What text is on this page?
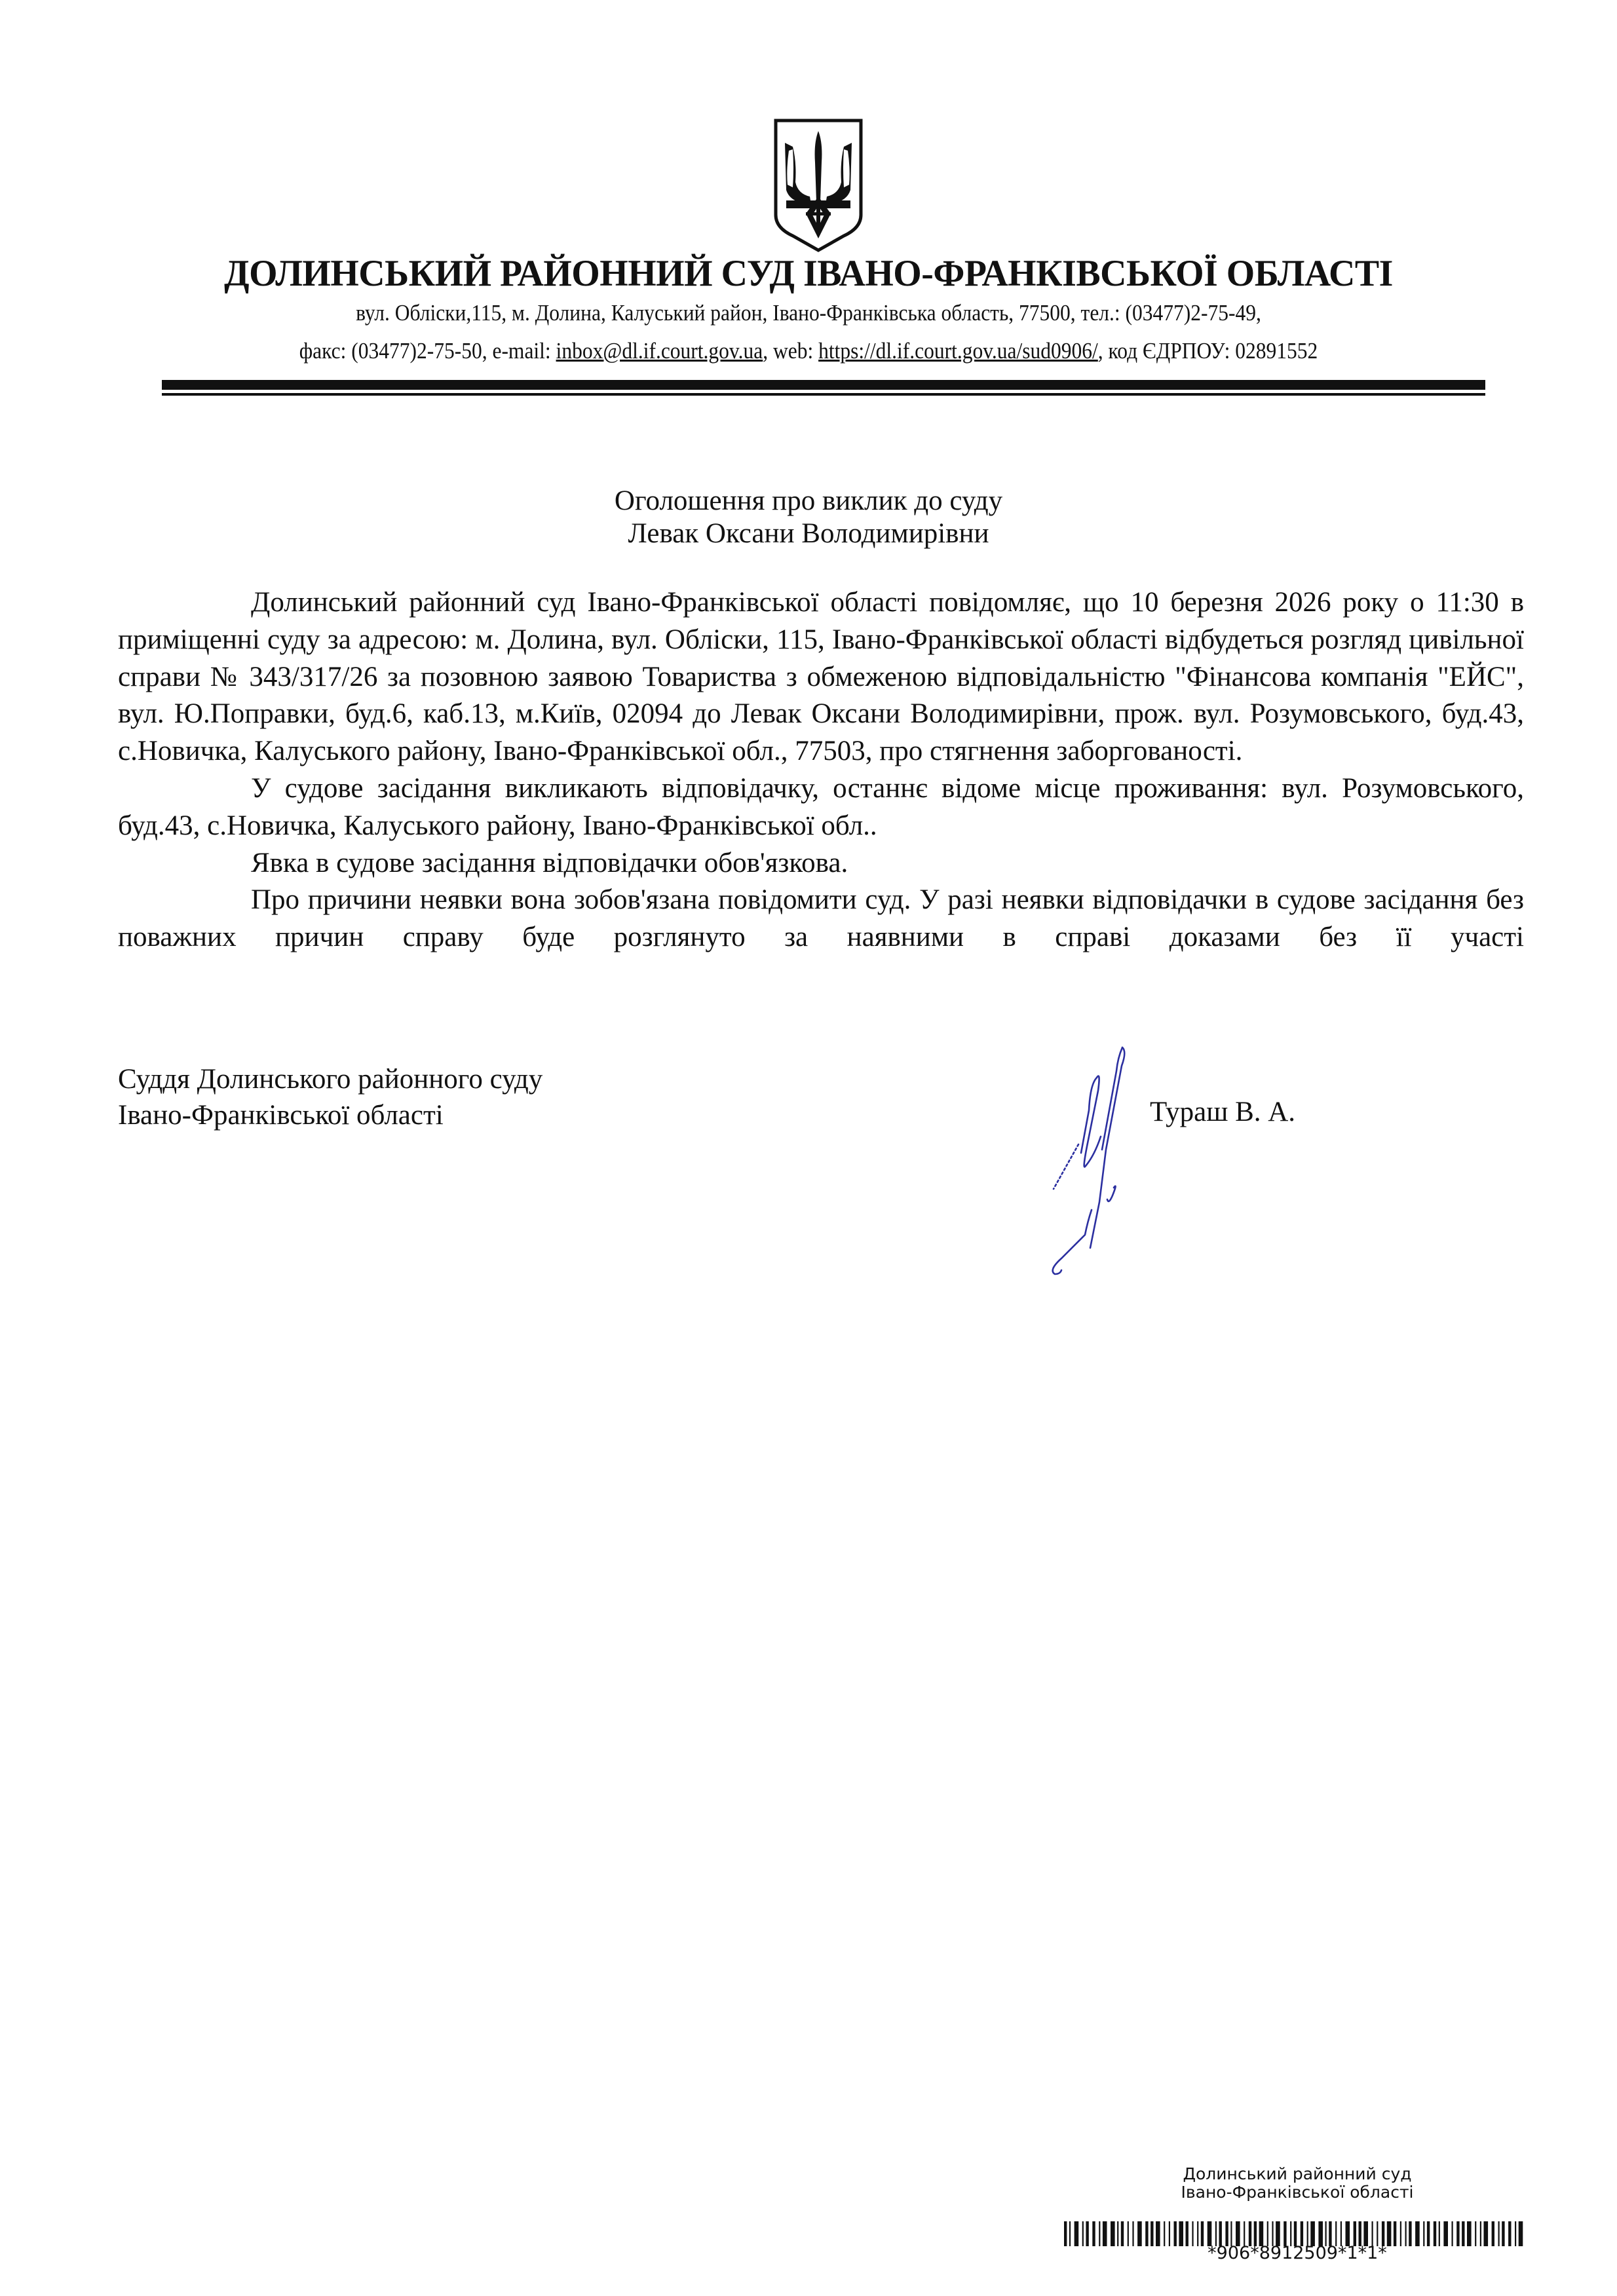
ДОЛИНСЬКИЙ РАЙОННИЙ СУД ІВАНО-ФРАНКІВСЬКОЇ ОБЛАСТІ
вул. Обліски,115, м. Долина, Калуський район, Івано-Франківська область, 77500, тел.: (03477)2-75-49,
факс: (03477)2-75-50, e-mail: inbox@dl.if.court.gov.ua, web: https://dl.if.court.gov.ua/sud0906/, код ЄДРПОУ: 02891552
Оголошення про виклик до суду
Левак Оксани Володимирівни

Долинський районний суд Івано-Франківської області повідомляє, що 10 березня 2026 року о 11:30 в приміщенні суду за адресою: м. Долина, вул. Обліски, 115, Івано-Франківської області відбудеться розгляд цивільної справи № 343/317/26 за позовною заявою Товариства з обмеженою відповідальністю "Фінансова компанія "ЕЙС", вул. Ю.Поправки, буд.6, каб.13, м.Київ, 02094 до Левак Оксани Володимирівни, прож. вул. Розумовського, буд.43, с.Новичка, Калуського району, Івано-Франківської обл., 77503, про стягнення заборгованості.

У судове засідання викликають відповідачку, останнє відоме місце проживання: вул. Розумовського, буд.43, с.Новичка, Калуського району, Івано-Франківської обл..

Явка в судове засідання відповідачки обов'язкова.

Про причини неявки вона зобов'язана повідомити суд. У разі неявки відповідачки в судове засідання без поважних причин справу буде розглянуто за наявними в справі доказами без її участі

Суддя Долинського районного суду
Івано-Франківської області	Тураш В. А.
Долинський районний суд
Івано-Франківської області
*906*8912509*1*1*
